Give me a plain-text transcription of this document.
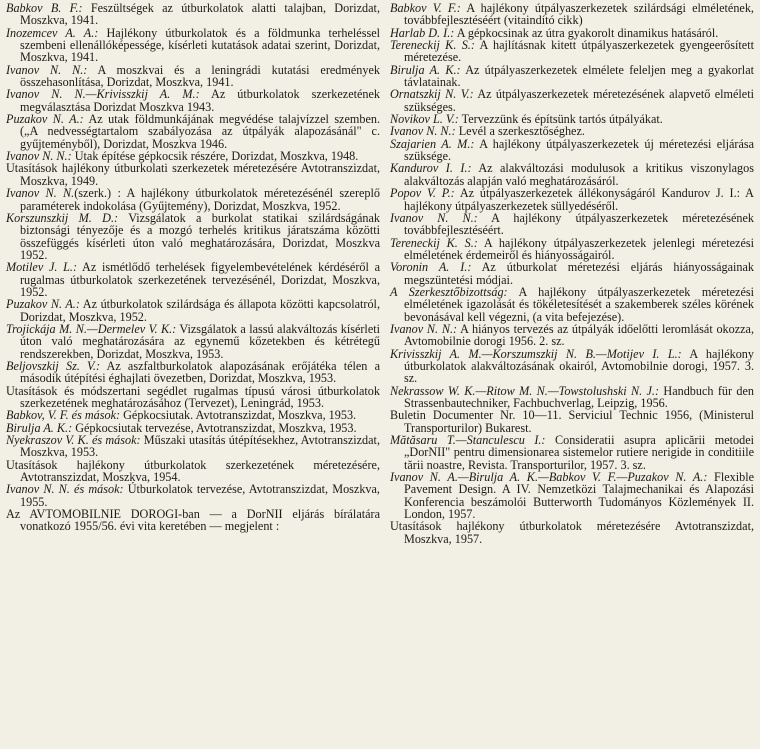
Babkov B. F.: Feszültségek az útburkolatok alatti talajban, Dorizdat, Moszkva, 1941.

Inozemcev A. A.: Hajlékony útburkolatok és a földmunka terheléssel szembeni ellenállóképessége, kísérleti kutatások adatai szerint, Dorizdat, Moszkva, 1941.

Ivanov N. N.: A moszkvai és a leningrádi kutatási eredmények összehasonlítása, Dorizdat, Moszkva, 1941.

Ivanov N. N.—Krivisszkij A. M.: Az útburkolatok szerkezetének megválasztása Dorizdat Moszkva 1943.

Puzakov N. A.: Az utak földmunkájának megvédése talajvízzel szemben. („A nedvességtartalom szabályozása az útpályák alapozásánál" c. gyűjteményből), Dorizdat, Moszkva 1946.

Ivanov N. N.: Utak építése gépkocsik részére, Dorizdat, Moszkva, 1948.

Utasítások hajlékony útburkolati szerkezetek méretezésére Avtotranszizdat, Moszkva, 1949.

Ivanov N. N.(szerk.) : A hajlékony útburkolatok méretezésénél szereplő paraméterek indokolása (Gyűjtemény), Dorizdat, Moszkva, 1952.

Korszunszkij M. D.: Vizsgálatok a burkolat statikai szilárdságának biztonsági tényezője és a mozgó terhelés kritikus járatszáma közötti összefüggés kísérleti úton való meghatározására, Dorizdat, Moszkva 1952.

Motilev J. L.: Az ismétlődő terhelések figyelembevételének kérdéséről a rugalmas útburkolatok szerkezetének tervezésénél, Dorizdat, Moszkva, 1952.

Puzakov N. A.: Az útburkolatok szilárdsága és állapota közötti kapcsolatról, Dorizdat, Moszkva, 1952.

Trojickája M. N.—Dermelev V. K.: Vizsgálatok a lassú alakváltozás kísérleti úton való meghatározására az egynemű kőzetekben és kétrétegű rendszerekben, Dorizdat, Moszkva, 1953.

Beljovszkij Sz. V.: Az aszfaltburkolatok alapozásának erőjátéka télen a második útépítési éghajlati övezetben, Dorizdat, Moszkva, 1953.

Utasítások és módszertani segédlet rugalmas típusú városi útburkolatok szerkezetének meghatározásához (Tervezet), Leningrád, 1953.

Babkov, V. F. és mások: Gépkocsiutak. Avtotranszizdat, Moszkva, 1953.

Birulja A. K.: Gépkocsiutak tervezése, Avtotranszizdat, Moszkva, 1953.

Nyekraszov V. K. és mások: Műszaki utasítás útépítésekhez, Avtotranszizdat, Moszkva, 1953.

Utasítások hajlékony útburkolatok szerkezetének méretezésére, Avtotranszizdat, Moszkva, 1954.

Ivanov N. N. és mások: Útburkolatok tervezése, Avtotranszizdat, Moszkva, 1955.

Az AVTOMOBILNIE DOROGI-ban — a DorNII eljárás bírálatára vonatkozó 1955/56. évi vita keretében — megjelent :

Babkov V. F.: A hajlékony útpályaszerkezetek szilárdsági elméletének, továbbfejlesztéséért (vitaindító cikk)

Harlab D. I.: A gépkocsinak az útra gyakorolt dinamikus hatásáról.

Tereneckij K. S.: A hajlításnak kitett útpályaszerkezetek gyengeerősített méretezése.

Birulja A. K.: Az útpályaszerkezetek elmélete feleljen meg a gyakorlat távlatainak.

Ornatszkij N. V.: Az útpályaszerkezetek méretezésének alapvető elméleti szükséges.

Novikov L. V.: Tervezzünk és építsünk tartós útpályákat.

Ivanov N. N.: Levél a szerkesztőséghez.

Szajarien A. M.: A hajlékony útpályaszerkezetek új méretezési eljárása szüksége.

Kandurov I. I.: Az alakváltozási modulusok a kritikus viszonylagos alakváltozás alapján való meghatározásáról.

Popov V. P.: Az útpályaszerkezetek állékonyságáról Kandurov J. I.: A hajlékony útpályaszerkezetek süllyedéséről.

Ivanov N. N.: A hajlékony útpályaszerkezetek méretezésének továbbfejlesztéséért.

Tereneckij K. S.: A hajlékony útpályaszerkezetek jelenlegi méretezési elméletének érdemeiről és hiányosságairól.

Voronin A. I.: Az útburkolat méretezési eljárás hiányosságainak megszüntetési módjai.

A Szerkesztőbizottság: A hajlékony útpályaszerkezetek méretezési elméletének igazolását és tökéletesítését a szakemberek széles körének bevonásával kell végezni, (a vita befejezése).

Ivanov N. N.: A hiányos tervezés az útpályák időelőtti leromlását okozza, Avtomobilnie dorogi 1956. 2. sz.

Krivisszkij A. M.—Korszumszkij N. B.—Motijev I. L.: A hajlékony útburkolatok alakváltozásának okairól, Avtomobilnie dorogi, 1957. 3. sz.

Nekrassow W. K.—Ritow M. N.—Towstolushski N. J.: Handbuch für den Strassenbautechniker, Fachbuchverlag, Leipzig, 1956.

Buletin Documenter Nr. 10—11. Serviciul Technic 1956, (Ministerul Transporturilor) Bukarest.

Mătăsaru T.—Stanculescu I.: Consideratii asupra aplicării metodei „DorNII" pentru dimensionarea sistemelor rutiere nerigide in conditiile tării noastre, Revista. Transporturilor, 1957. 3. sz.

Ivanov N. A.—Birulja A. K.—Babkov V. F.—Puzakov N. A.: Flexible Pavement Design. A IV. Nemzetközi Talajmechanikai és Alapozási Konferencia beszámolói Butterworth Tudományos Közlemények II. London, 1957.

Utasítások hajlékony útburkolatok méretezésére Avtotranszizdat, Moszkva, 1957.
